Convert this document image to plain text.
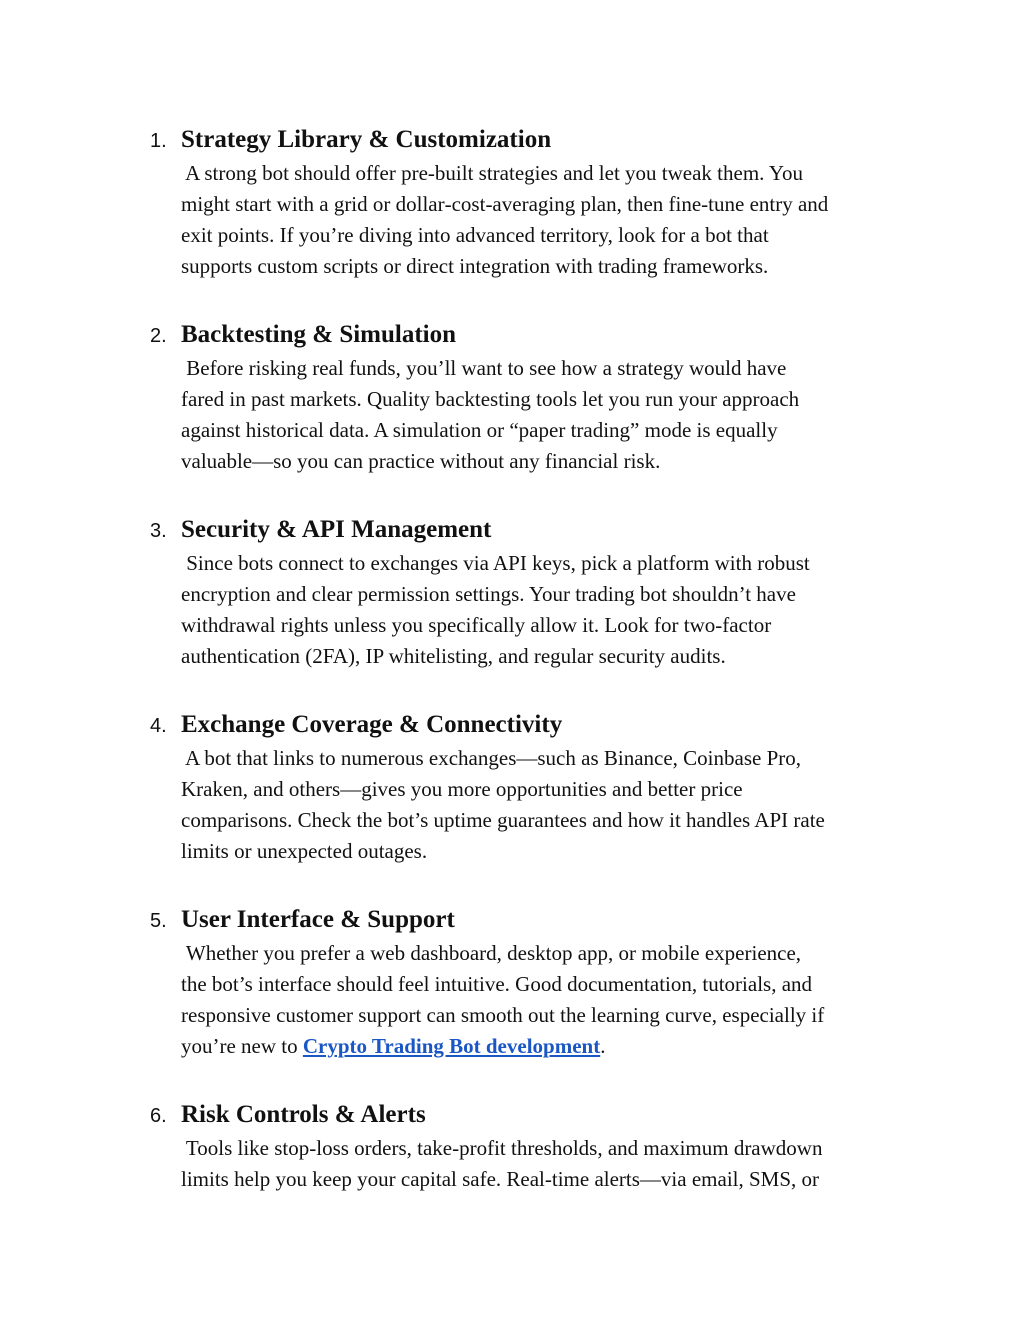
1. Strategy Library & Customization
A strong bot should offer pre-built strategies and let you tweak them. You
might start with a grid or dollar‑cost‑averaging plan, then fine‑tune entry and
exit points. If you’re diving into advanced territory, look for a bot that
supports custom scripts or direct integration with trading frameworks.
2. Backtesting & Simulation
Before risking real funds, you’ll want to see how a strategy would have
fared in past markets. Quality backtesting tools let you run your approach
against historical data. A simulation or “paper trading” mode is equally
valuable—so you can practice without any financial risk.
3. Security & API Management
Since bots connect to exchanges via API keys, pick a platform with robust
encryption and clear permission settings. Your trading bot shouldn’t have
withdrawal rights unless you specifically allow it. Look for two‑factor
authentication (2FA), IP whitelisting, and regular security audits.
4. Exchange Coverage & Connectivity
A bot that links to numerous exchanges—such as Binance, Coinbase Pro,
Kraken, and others—gives you more opportunities and better price
comparisons. Check the bot’s uptime guarantees and how it handles API rate
limits or unexpected outages.
5. User Interface & Support
Whether you prefer a web dashboard, desktop app, or mobile experience,
the bot’s interface should feel intuitive. Good documentation, tutorials, and
responsive customer support can smooth out the learning curve, especially if
you’re new to Crypto Trading Bot development.
6. Risk Controls & Alerts
Tools like stop‑loss orders, take‑profit thresholds, and maximum drawdown
limits help you keep your capital safe. Real‑time alerts—via email, SMS, or
